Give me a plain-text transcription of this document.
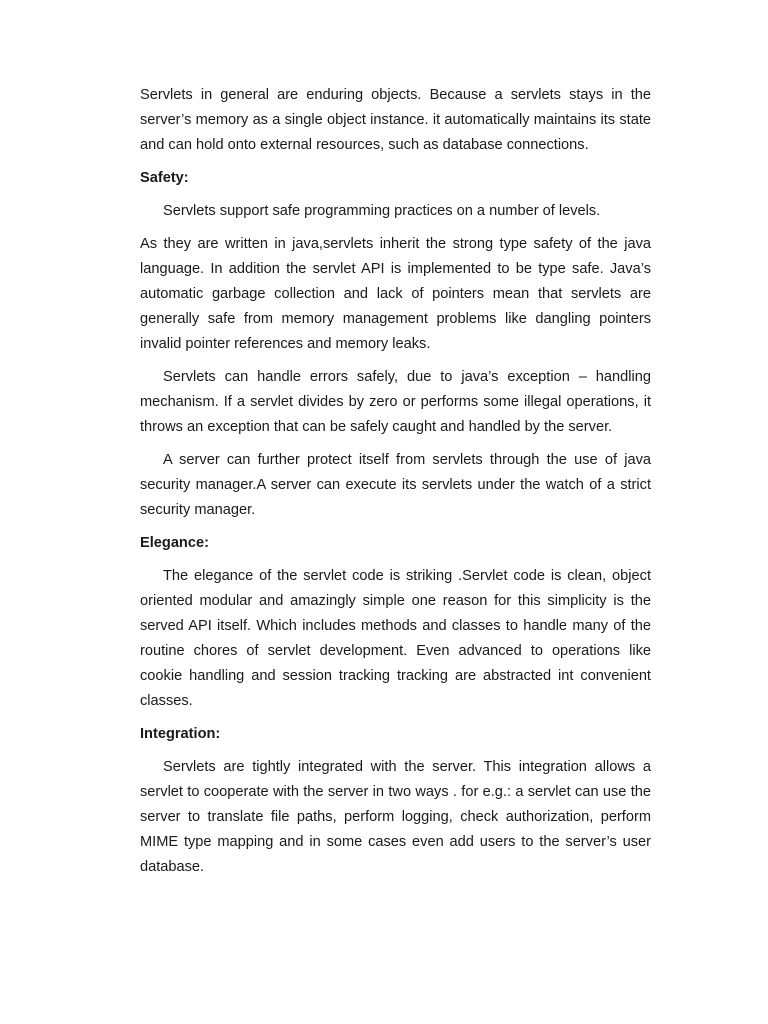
Servlets in general are enduring objects. Because a servlets stays in the server’s memory as a single object instance. it automatically maintains its state and can hold onto external resources, such as database connections.

Safety:

Servlets support safe programming practices on a number of levels.

As they are written in java,servlets inherit the strong type safety of the java language. In addition the servlet API is implemented to be type safe. Java’s automatic garbage collection and lack of pointers mean that servlets are generally safe from memory management problems like dangling pointers invalid pointer references and memory leaks.

Servlets can handle errors safely, due to java’s exception – handling mechanism. If a servlet divides by zero or performs some illegal operations, it throws an exception that can be safely caught and handled by the server.

A server can further protect itself from servlets through the use of java security manager.A server can execute its servlets under the watch of a strict security manager.

Elegance:

The elegance of the servlet code is striking .Servlet code is clean, object oriented modular and amazingly simple one reason for this simplicity is the served API itself. Which includes methods and classes to handle many of the routine chores of servlet development. Even advanced to operations like cookie handling and session tracking tracking are abstracted int convenient classes.

Integration:

Servlets are tightly integrated with the server. This integration allows a servlet to cooperate with the server in two ways . for e.g.: a servlet can use the server to translate file paths, perform logging, check authorization, perform MIME type mapping and in some cases even add users to the server’s user database.
